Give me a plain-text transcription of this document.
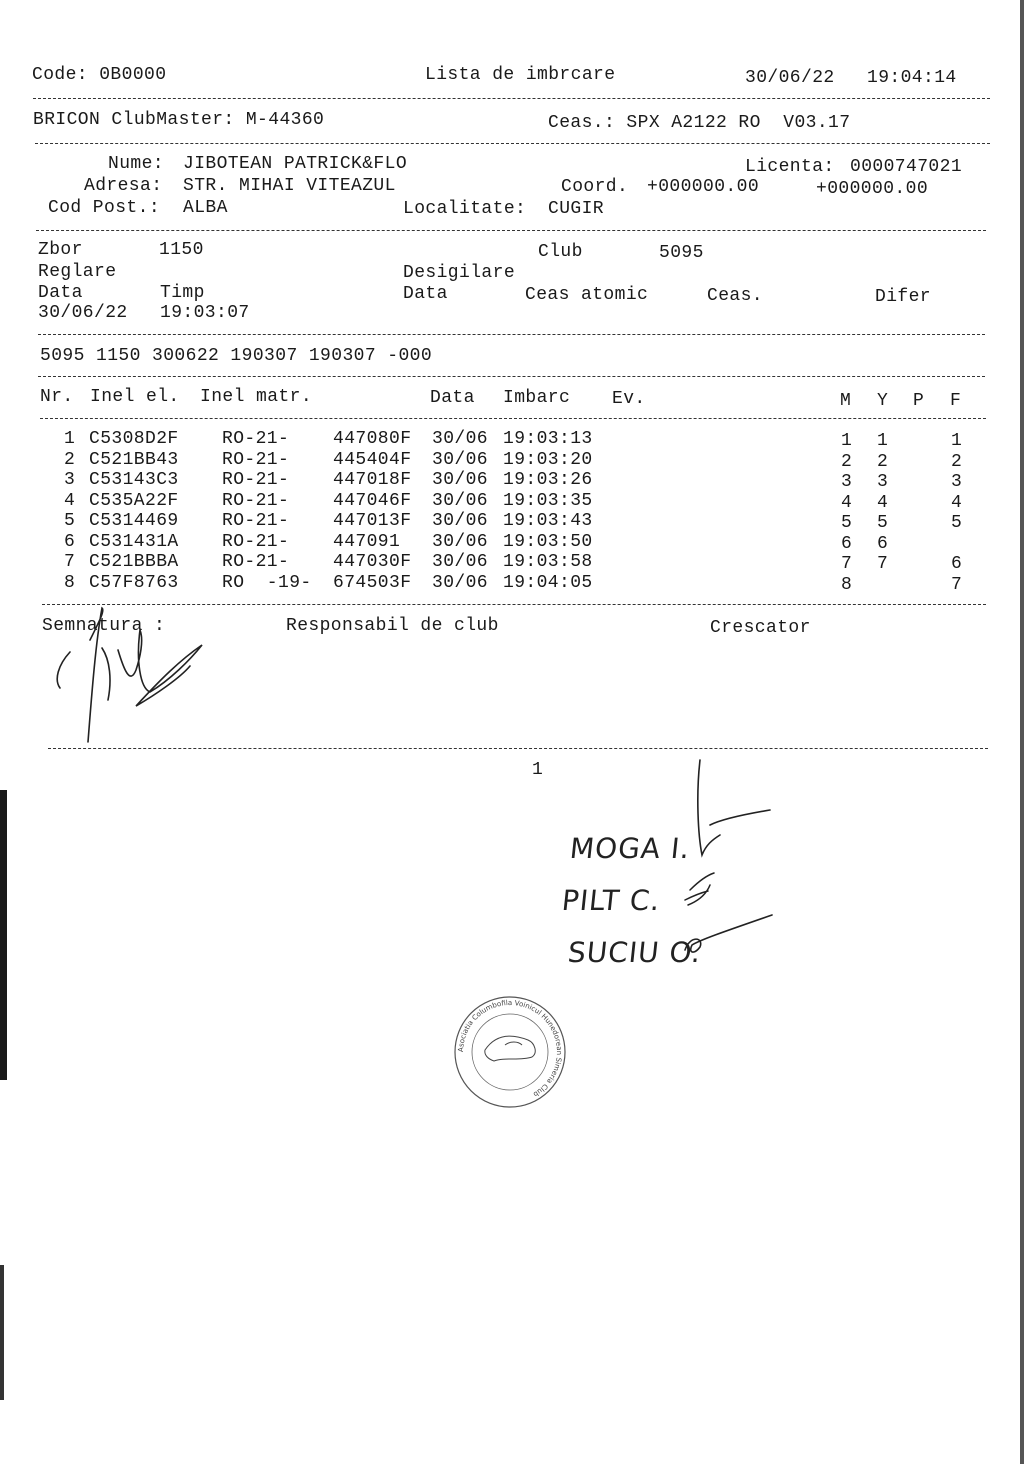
Code: 0B0000	Lista de imbrcare	30/06/22 19:04:14
BRICON ClubMaster: M-44360	Ceas.: SPX A2122 RO  V03.17
Nume: JIBOTEAN PATRICK&FLO	Licenta: 0000747021
Adresa: STR. MIHAI VITEAZUL	Coord. +000000.00	+000000.00
Cod Post.: ALBA	Localitate: CUGIR
Zbor	1150	Club	5095
Reglare	Desigilare
Data	Timp	Data	Ceas atomic	Ceas.	Difer
30/06/22 19:03:07
5095 1150 300622 190307 190307 -000
Nr. Inel el. Inel matr.	Data Imbarc Ev.	M Y P F
1 C5308D2F RO-21- 447080F 30/06 19:03:13	1 1	1
2 C521BB43 RO-21- 445404F 30/06 19:03:20	2 2	2
3 C53143C3 RO-21- 447018F 30/06 19:03:26	3 3	3
4 C535A22F RO-21- 447046F 30/06 19:03:35	4 4	4
5 C5314469 RO-21- 447013F 30/06 19:03:43	5 5	5
6 C531431A RO-21- 447091 30/06 19:03:50	6 6
7 C521BBBA RO-21- 447030F 30/06 19:03:58	7 7	6
8 C57F8763 RO  -19- 674503F 30/06 19:04:05	8	7
Semnatura :	Responsabil de club	Crescator
1
MOGA I.
PILT C.
SUCIU O.
Asociatia Columbofila Voinicul Hunedorean Simeria Club
